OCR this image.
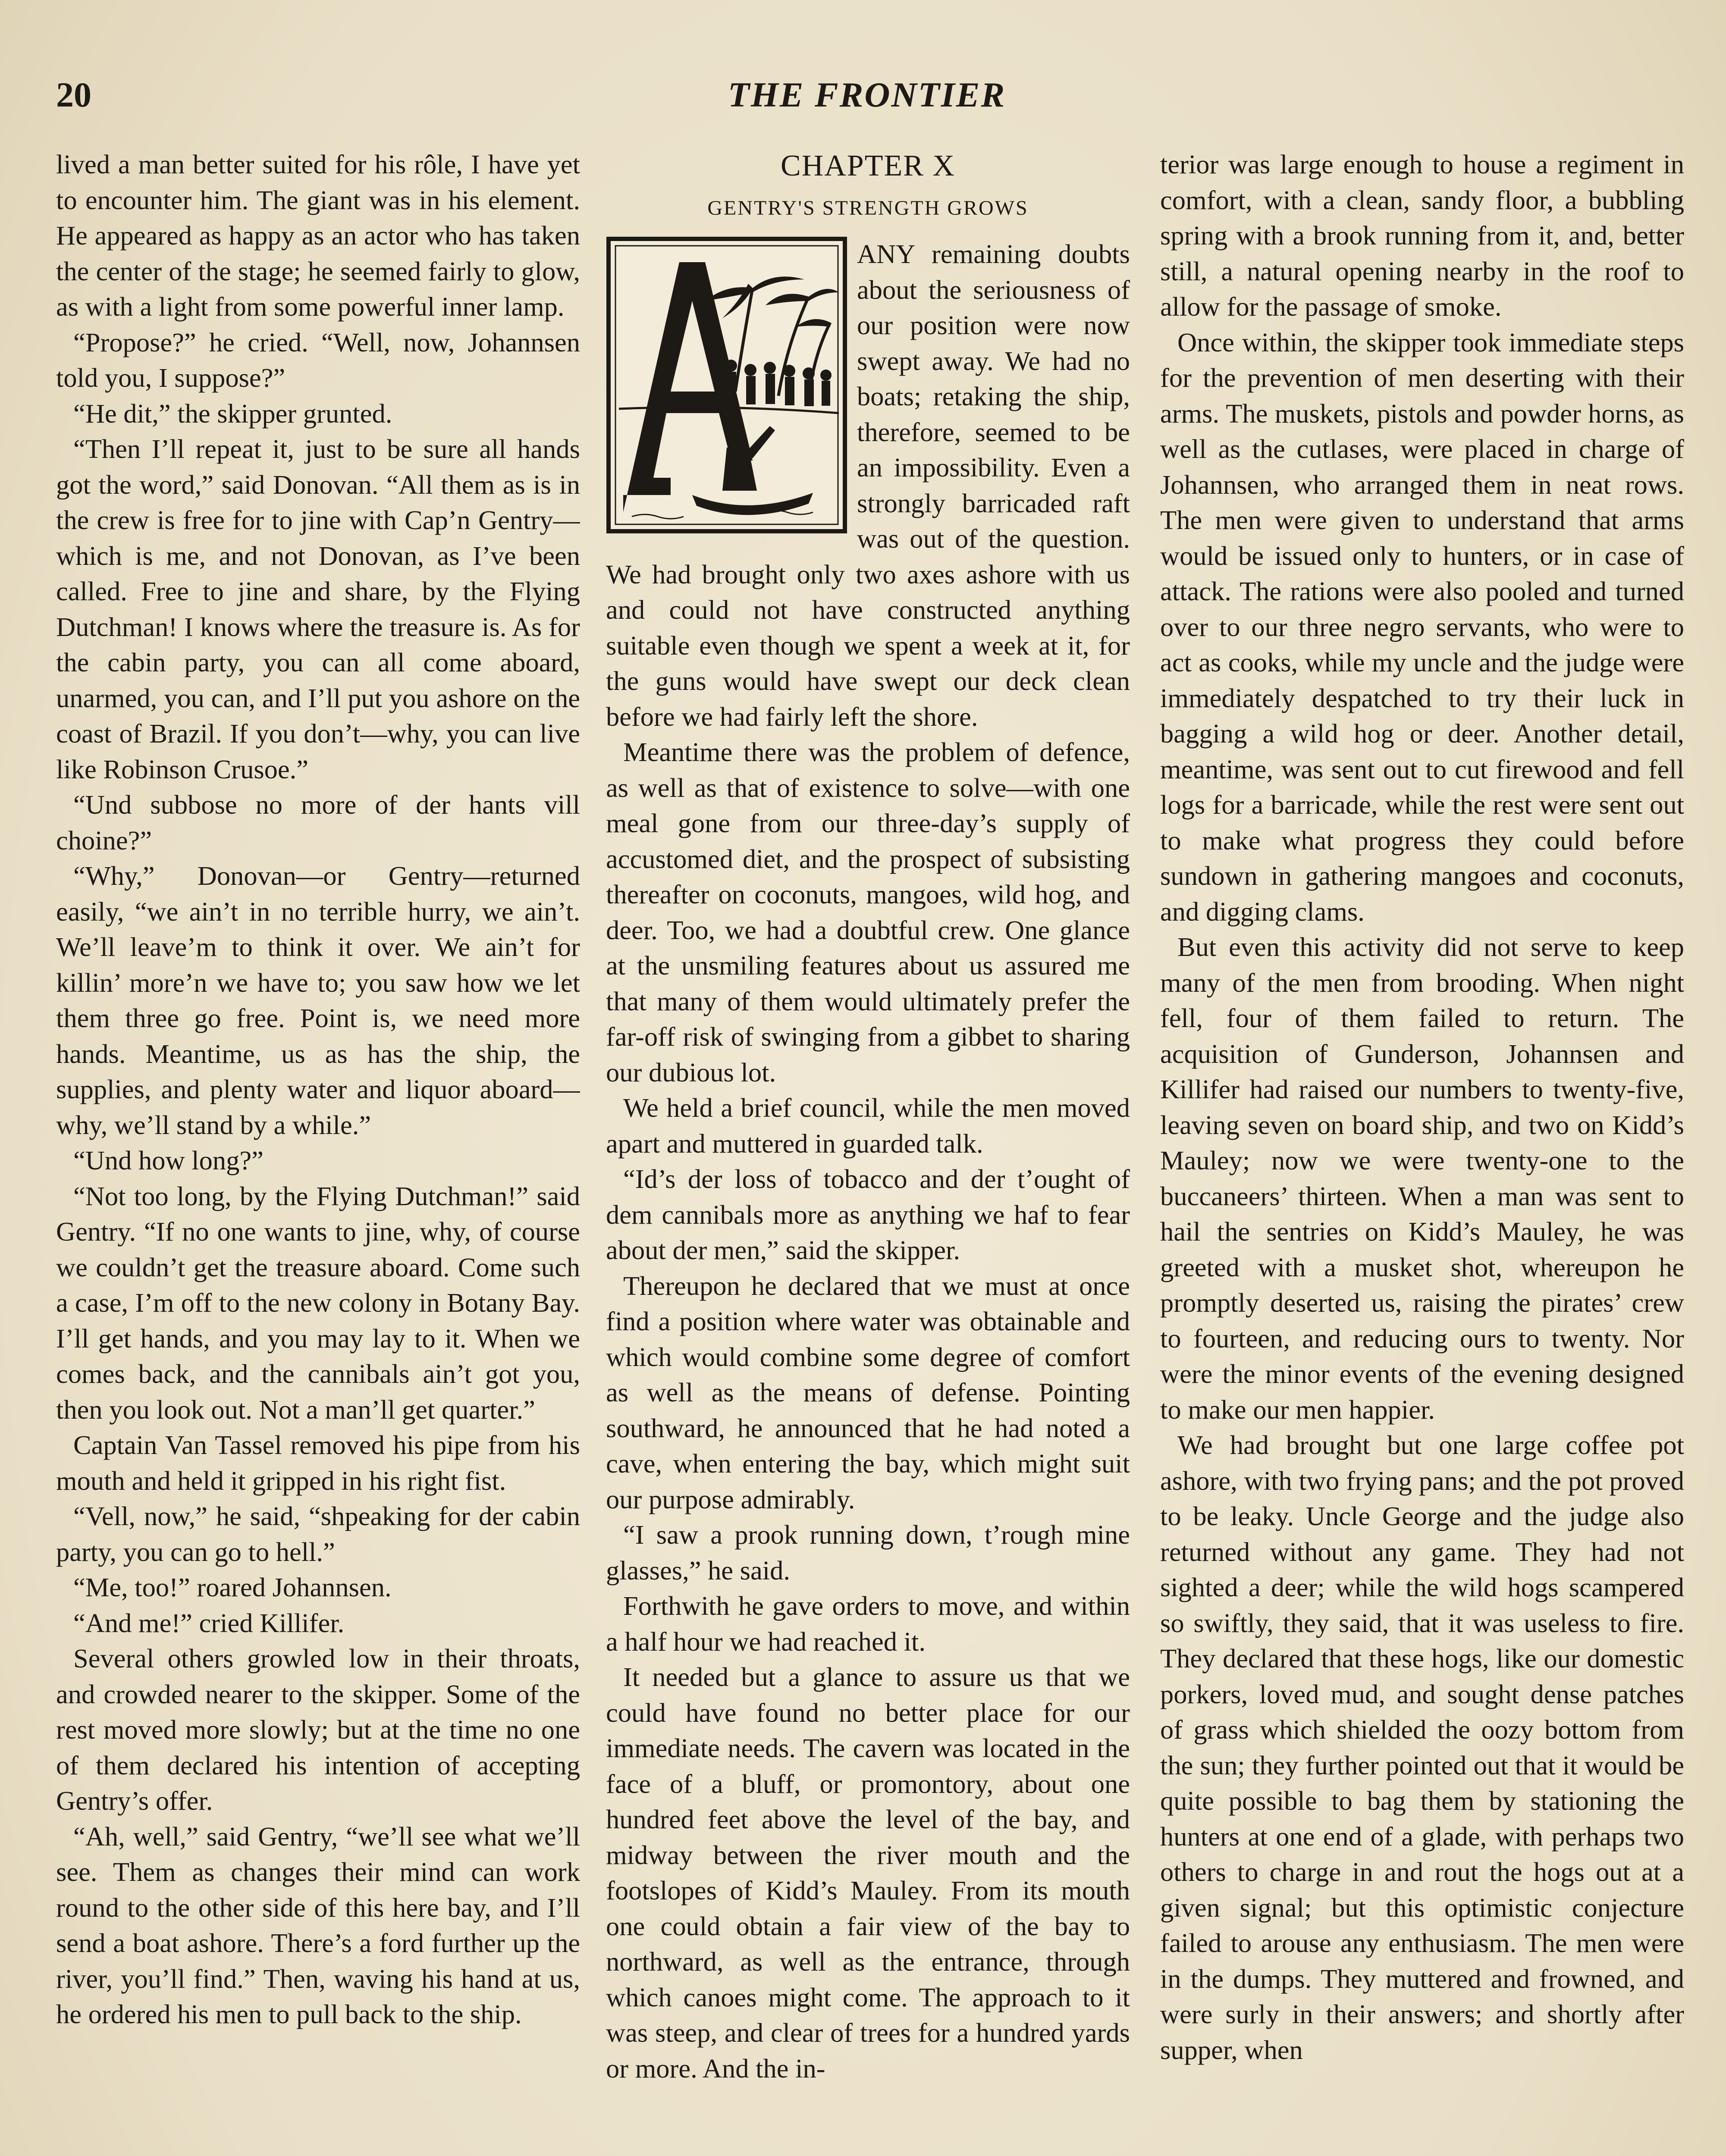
20	THE FRONTIER

lived a man better suited for his rôle, I have yet to encounter him. The giant was in his element. He appeared as happy as an actor who has taken the center of the stage; he seemed fairly to glow, as with a light from some powerful inner lamp.

“Propose?” he cried. “Well, now, Johannsen told you, I suppose?”

“He dit,” the skipper grunted.

“Then I’ll repeat it, just to be sure all hands got the word,” said Donovan. “All them as is in the crew is free for to jine with Cap’n Gentry—which is me, and not Donovan, as I’ve been called. Free to jine and share, by the Flying Dutchman! I knows where the treasure is. As for the cabin party, you can all come aboard, unarmed, you can, and I’ll put you ashore on the coast of Brazil. If you don’t—why, you can live like Robinson Crusoe.”

“Und subbose no more of der hants vill choine?”

“Why,” Donovan—or Gentry—returned easily, “we ain’t in no terrible hurry, we ain’t. We’ll leave’m to think it over. We ain’t for killin’ more’n we have to; you saw how we let them three go free. Point is, we need more hands. Meantime, us as has the ship, the supplies, and plenty water and liquor aboard—why, we’ll stand by a while.”

“Und how long?”

“Not too long, by the Flying Dutchman!” said Gentry. “If no one wants to jine, why, of course we couldn’t get the treasure aboard. Come such a case, I’m off to the new colony in Botany Bay. I’ll get hands, and you may lay to it. When we comes back, and the cannibals ain’t got you, then you look out. Not a man’ll get quarter.”

Captain Van Tassel removed his pipe from his mouth and held it gripped in his right fist.

“Vell, now,” he said, “shpeaking for der cabin party, you can go to hell.”

“Me, too!” roared Johannsen.

“And me!” cried Killifer.

Several others growled low in their throats, and crowded nearer to the skipper. Some of the rest moved more slowly; but at the time no one of them declared his intention of accepting Gentry’s offer.

“Ah, well,” said Gentry, “we’ll see what we’ll see. Them as changes their mind can work round to the other side of this here bay, and I’ll send a boat ashore. There’s a ford further up the river, you’ll find.” Then, waving his hand at us, he ordered his men to pull back to the ship.

CHAPTER X
GENTRY'S STRENGTH GROWS

ANY remaining doubts about the seriousness of our position were now swept away. We had no boats; retaking the ship, therefore, seemed to be an impossibility. Even a strongly barricaded raft was out of the question. We had brought only two axes ashore with us and could not have constructed anything suitable even though we spent a week at it, for the guns would have swept our deck clean before we had fairly left the shore.

Meantime there was the problem of defence, as well as that of existence to solve—with one meal gone from our three-day’s supply of accustomed diet, and the prospect of subsisting thereafter on coconuts, mangoes, wild hog, and deer. Too, we had a doubtful crew. One glance at the unsmiling features about us assured me that many of them would ultimately prefer the far-off risk of swinging from a gibbet to sharing our dubious lot.

We held a brief council, while the men moved apart and muttered in guarded talk.

“Id’s der loss of tobacco and der t’ought of dem cannibals more as anything we haf to fear about der men,” said the skipper.

Thereupon he declared that we must at once find a position where water was obtainable and which would combine some degree of comfort as well as the means of defense. Pointing southward, he announced that he had noted a cave, when entering the bay, which might suit our purpose admirably.

“I saw a prook running down, t’rough mine glasses,” he said.

Forthwith he gave orders to move, and within a half hour we had reached it.

It needed but a glance to assure us that we could have found no better place for our immediate needs. The cavern was located in the face of a bluff, or promontory, about one hundred feet above the level of the bay, and midway between the river mouth and the footslopes of Kidd’s Mauley. From its mouth one could obtain a fair view of the bay to northward, as well as the entrance, through which canoes might come. The approach to it was steep, and clear of trees for a hundred yards or more. And the in-

terior was large enough to house a regiment in comfort, with a clean, sandy floor, a bubbling spring with a brook running from it, and, better still, a natural opening nearby in the roof to allow for the passage of smoke.

Once within, the skipper took immediate steps for the prevention of men deserting with their arms. The muskets, pistols and powder horns, as well as the cutlases, were placed in charge of Johannsen, who arranged them in neat rows. The men were given to understand that arms would be issued only to hunters, or in case of attack. The rations were also pooled and turned over to our three negro servants, who were to act as cooks, while my uncle and the judge were immediately despatched to try their luck in bagging a wild hog or deer. Another detail, meantime, was sent out to cut firewood and fell logs for a barricade, while the rest were sent out to make what progress they could before sundown in gathering mangoes and coconuts, and digging clams.

But even this activity did not serve to keep many of the men from brooding. When night fell, four of them failed to return. The acquisition of Gunderson, Johannsen and Killifer had raised our numbers to twenty-five, leaving seven on board ship, and two on Kidd’s Mauley; now we were twenty-one to the buccaneers’ thirteen. When a man was sent to hail the sentries on Kidd’s Mauley, he was greeted with a musket shot, whereupon he promptly deserted us, raising the pirates’ crew to fourteen, and reducing ours to twenty. Nor were the minor events of the evening designed to make our men happier.

We had brought but one large coffee pot ashore, with two frying pans; and the pot proved to be leaky. Uncle George and the judge also returned without any game. They had not sighted a deer; while the wild hogs scampered so swiftly, they said, that it was useless to fire. They declared that these hogs, like our domestic porkers, loved mud, and sought dense patches of grass which shielded the oozy bottom from the sun; they further pointed out that it would be quite possible to bag them by stationing the hunters at one end of a glade, with perhaps two others to charge in and rout the hogs out at a given signal; but this optimistic conjecture failed to arouse any enthusiasm. The men were in the dumps. They muttered and frowned, and were surly in their answers; and shortly after supper, when
